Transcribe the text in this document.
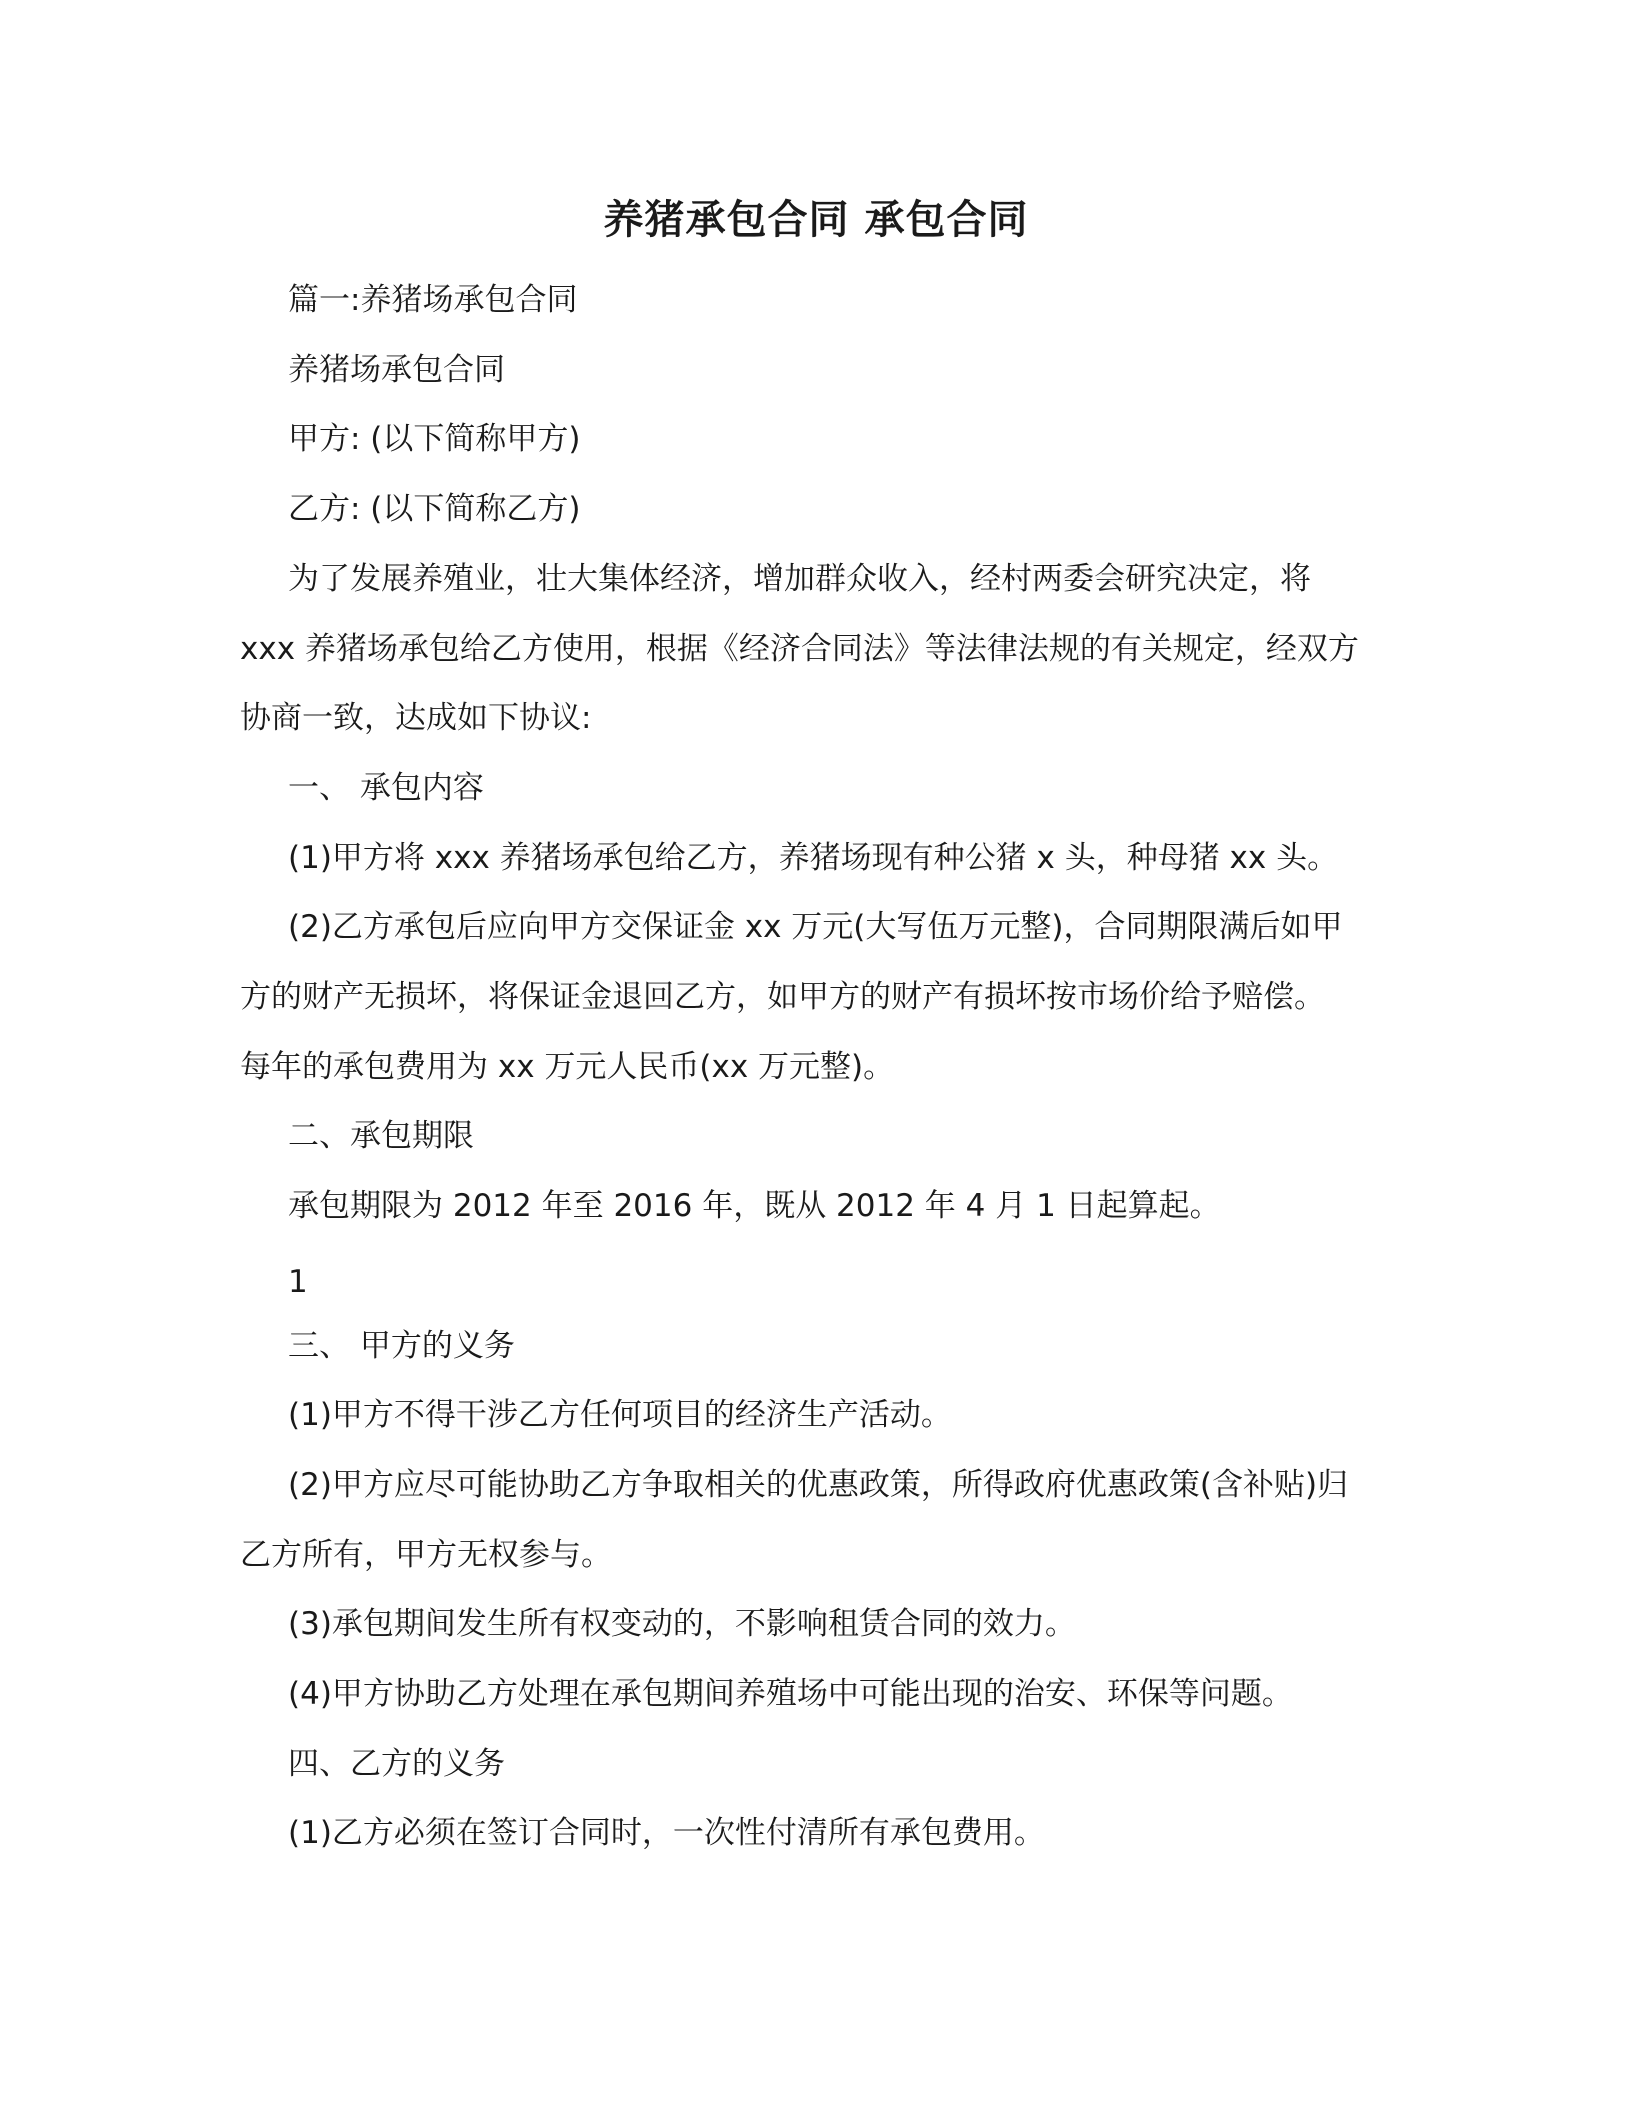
养猪承包合同 承包合同
篇一:养猪场承包合同
养猪场承包合同
甲方: (以下简称甲方)
乙方: (以下简称乙方)
为了发展养殖业，壮大集体经济，增加群众收入，经村两委会研究决定，将
xxx 养猪场承包给乙方使用，根据《经济合同法》等法律法规的有关规定，经双方
协商一致，达成如下协议:
一、 承包内容
(1)甲方将 xxx 养猪场承包给乙方，养猪场现有种公猪 x 头，种母猪 xx 头。
(2)乙方承包后应向甲方交保证金 xx 万元(大写伍万元整)，合同期限满后如甲
方的财产无损坏，将保证金退回乙方，如甲方的财产有损坏按市场价给予赔偿。
每年的承包费用为 xx 万元人民币(xx 万元整)。
二、承包期限
承包期限为 2012 年至 2016 年，既从 2012 年 4 月 1 日起算起。
1
三、 甲方的义务
(1)甲方不得干涉乙方任何项目的经济生产活动。
(2)甲方应尽可能协助乙方争取相关的优惠政策，所得政府优惠政策(含补贴)归
乙方所有，甲方无权参与。
(3)承包期间发生所有权变动的，不影响租赁合同的效力。
(4)甲方协助乙方处理在承包期间养殖场中可能出现的治安、环保等问题。
四、乙方的义务
(1)乙方必须在签订合同时，一次性付清所有承包费用。
